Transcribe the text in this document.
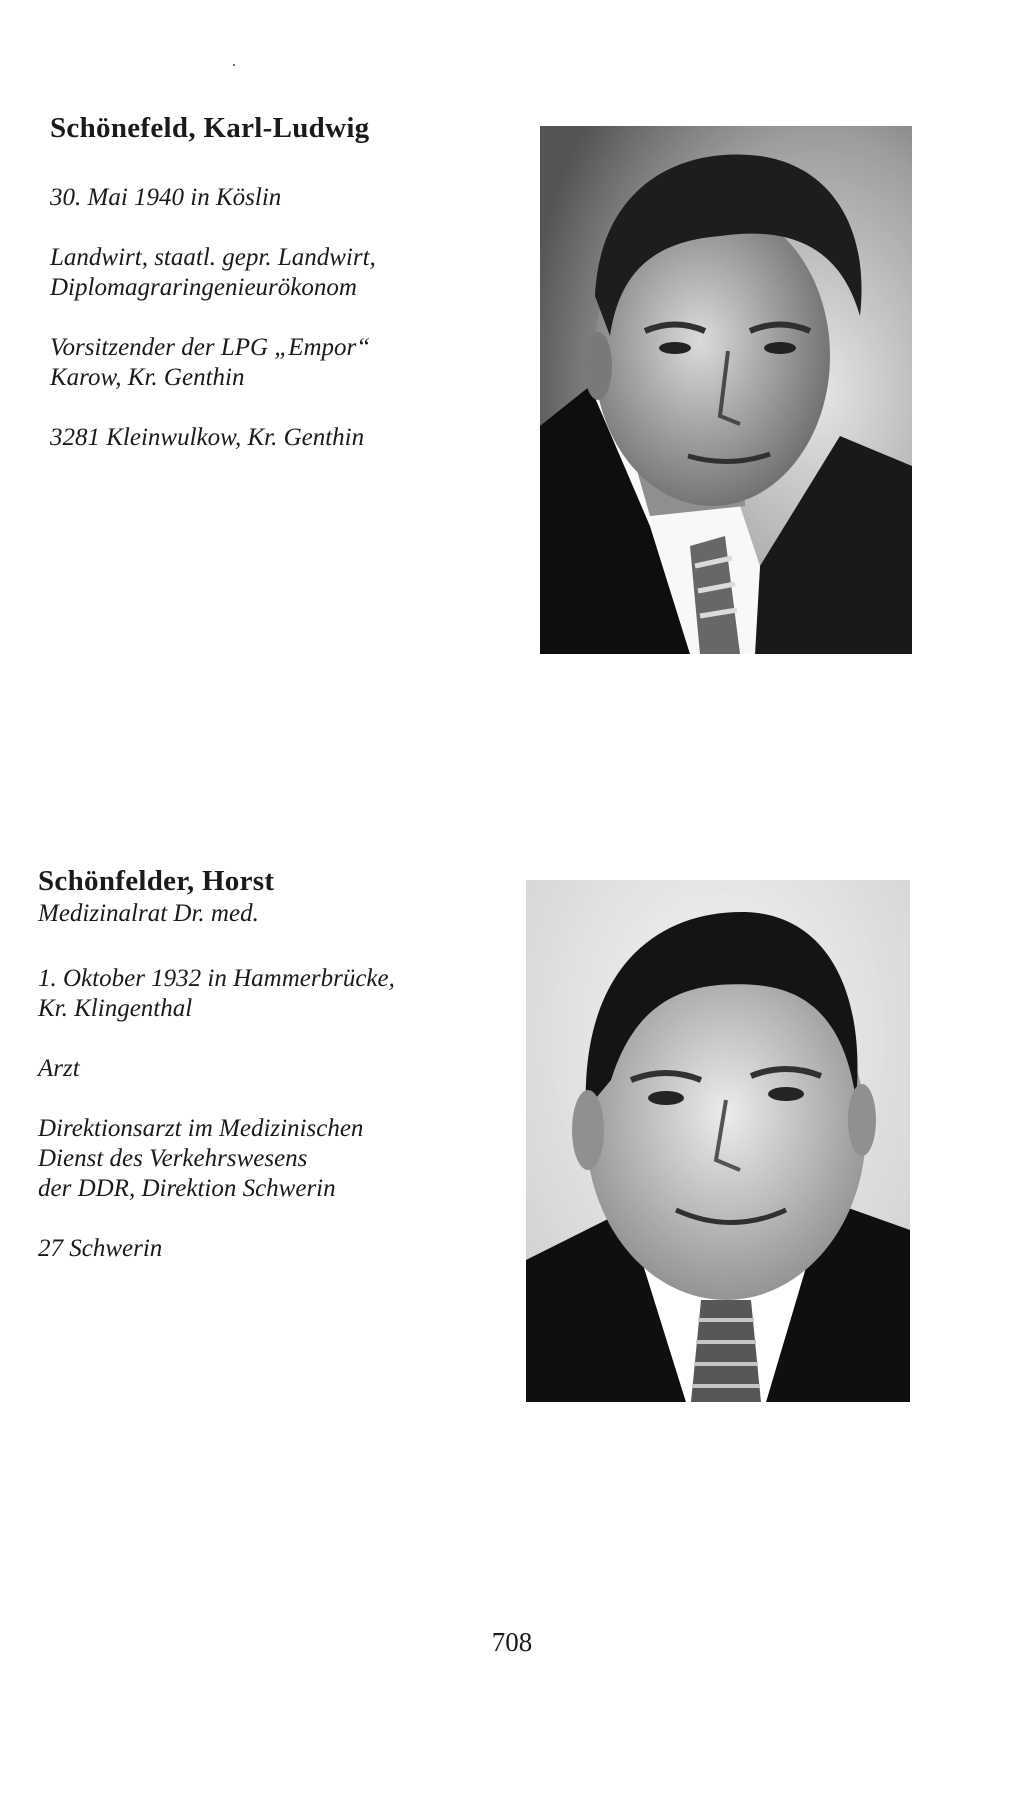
Schönefeld, Karl-Ludwig
30. Mai 1940 in Köslin
Landwirt, staatl. gepr. Landwirt,
Diplomagraringenieurökonom
Vorsitzender der LPG „Empor“
Karow, Kr. Genthin
3281 Kleinwulkow, Kr. Genthin
Schönfelder, Horst
Medizinalrat Dr. med.
1. Oktober 1932 in Hammerbrücke,
Kr. Klingenthal
Arzt
Direktionsarzt im Medizinischen
Dienst des Verkehrswesens
der DDR, Direktion Schwerin
27 Schwerin
708
